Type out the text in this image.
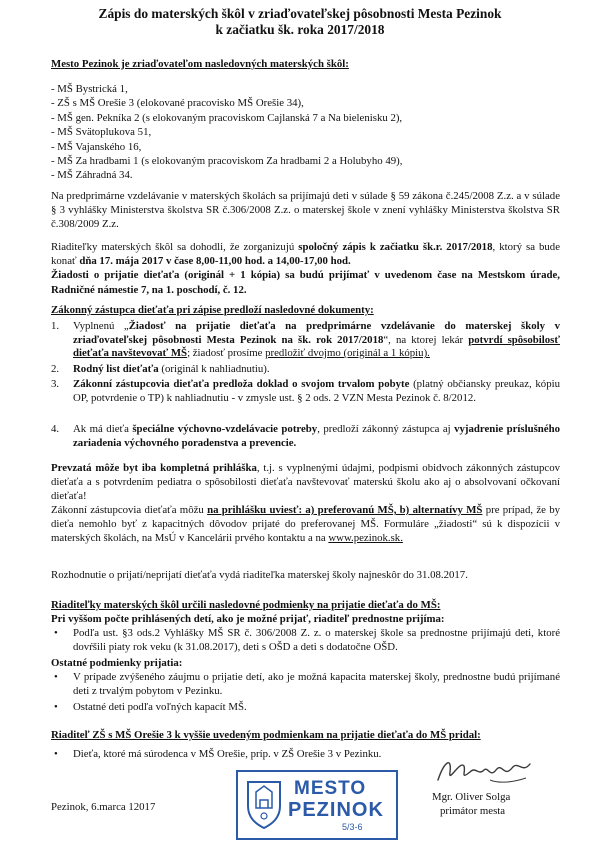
Zápis do materských škôl v zriaďovateľskej pôsobnosti Mesta Pezinok
k začiatku šk. roka 2017/2018
Mesto Pezinok je zriaďovateľom nasledovných materských škôl:
- MŠ Bystrická 1,
- ZŠ s MŠ Orešie 3 (elokované pracovisko MŠ Orešie 34),
- MŠ gen. Pekníka 2 (s elokovaným pracoviskom Cajlanská 7 a Na bielenisku 2),
- MŠ Svätoplukova 51,
- MŠ Vajanského 16,
- MŠ Za hradbami 1 (s elokovaným pracoviskom Za hradbami 2 a Holubyho 49),
- MŠ Záhradná 34.
Na predprimárne vzdelávanie v materských školách sa prijímajú deti v súlade § 59 zákona č.245/2008 Z.z. a v súlade § 3 vyhlášky Ministerstva školstva SR č.306/2008 Z.z. o materskej škole v znení vyhlášky Ministerstva školstva SR č.308/2009 Z.z.
Riaditeľky materských škôl sa dohodli, že zorganizujú spoločný zápis k začiatku šk.r. 2017/2018, ktorý sa bude konať dňa 17. mája 2017 v čase 8,00-11,00 hod. a 14,00-17,00 hod.
Žiadosti o prijatie dieťaťa (originál + 1 kópia) sa budú prijímať v uvedenom čase na Mestskom úrade, Radničné námestie 7, na 1. poschodí, č. 12.
Zákonný zástupca dieťaťa pri zápise predloží nasledovné dokumenty:
1.	Vyplnenú „Žiadosť na prijatie dieťaťa na predprimárne vzdelávanie do materskej školy v zriaďovateľskej pôsobnosti Mesta Pezinok na šk. rok 2017/2018“, na ktorej lekár potvrdí spôsobilosť dieťaťa navštevovať MŠ; žiadosť prosíme predložiť dvojmo (originál a 1 kópiu).
2.	Rodný list dieťaťa (originál k nahliadnutiu).
3.	Zákonní zástupcovia dieťaťa predloža doklad o svojom trvalom pobyte (platný občiansky preukaz, kópiu OP, potvrdenie o TP) k nahliadnutiu - v zmysle ust. § 2 ods. 2 VZN Mesta Pezinok č. 8/2012.
4.	Ak má dieťa špeciálne výchovno-vzdelávacie potreby, predloží zákonný zástupca aj vyjadrenie príslušného zariadenia výchovného poradenstva a prevencie.
Prevzatá môže byt iba kompletná prihláška, t.j. s vyplnenými údajmi, podpismi obidvoch zákonných zástupcov dieťaťa a s potvrdením pediatra o spôsobilosti dieťaťa navštevovať materskú školu ako aj o absolvovaní očkovaní dieťaťa!
Zákonní zástupcovia dieťaťa môžu na prihlášku uviesť: a) preferovanú MŠ, b) alternatívy MŠ pre prípad, že by dieťa nemohlo byť z kapacitných dôvodov prijaté do preferovanej MŠ. Formuláre „žiadosti“ sú k dispozícii v materských školách, na MsÚ v Kancelárii prvého kontaktu a na www.pezinok.sk.
Rozhodnutie o prijatí/neprijatí dieťaťa vydá riaditeľka materskej školy najneskôr do 31.08.2017.
Riaditeľky materských škôl určili nasledovné podmienky na prijatie dieťaťa do MŠ:
Pri vyššom počte prihlásených detí, ako je možné prijať, riaditeľ prednostne prijíma:
• Podľa ust. §3 ods.2 Vyhlášky MŠ SR č. 306/2008 Z. z. o materskej škole sa prednostne prijímajú deti, ktoré dovŕšili piaty rok veku (k 31.08.2017), deti s OŠD a deti s dodatočne OŠD.
Ostatné podmienky prijatia:
• V prípade zvýšeného záujmu o prijatie detí, ako je možná kapacita materskej školy, prednostne budú prijímané deti z trvalým pobytom v Pezinku.
• Ostatné deti podľa voľných kapacít MŠ.
Riaditeľ ZŠ s MŠ Orešie 3 k vyššie uvedeným podmienkam na prijatie dieťaťa do MŠ pridal:
• Dieťa, ktoré má súrodenca v MŠ Orešie, príp. v ZŠ Orešie 3 v Pezinku.
Pezinok, 6.marca 12017
MESTO
PEZINOK
5/3-6
Mgr. Oliver Solga
primátor mesta
